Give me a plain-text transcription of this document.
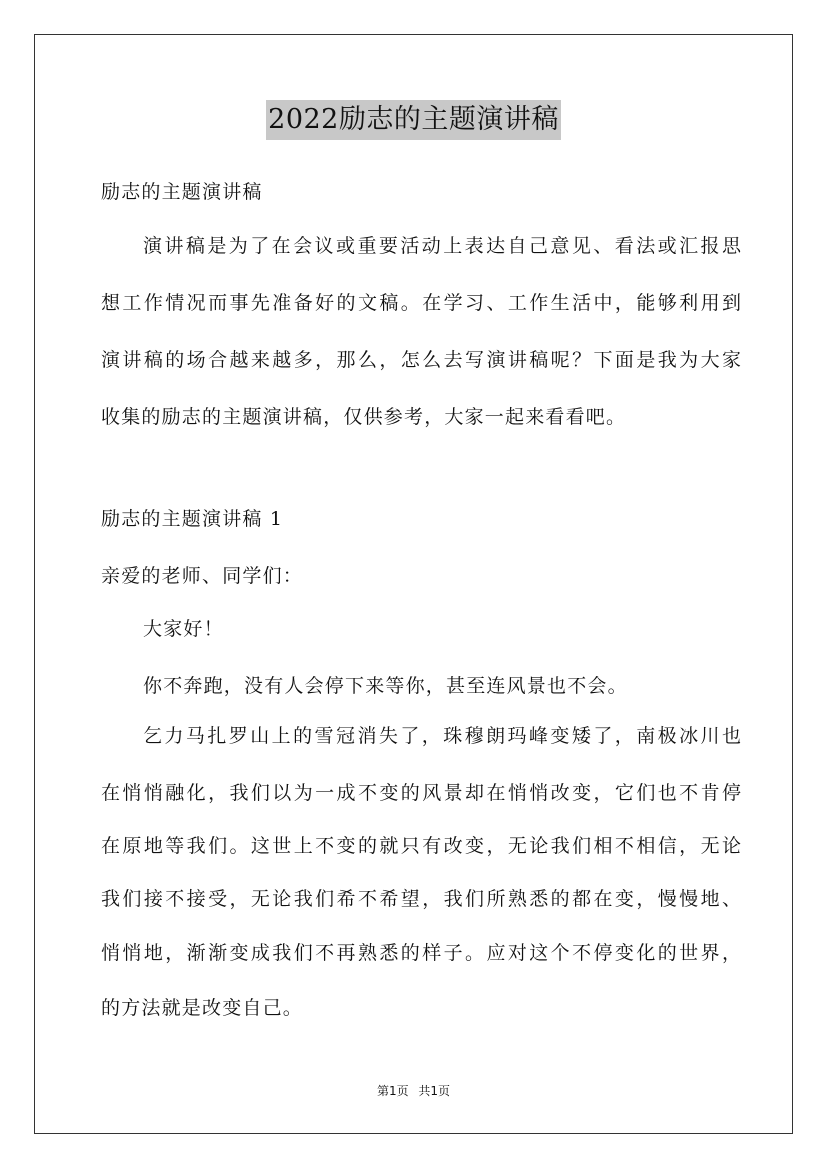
2022励志的主题演讲稿
励志的主题演讲稿
演讲稿是为了在会议或重要活动上表达自己意见、看法或汇报思
想工作情况而事先准备好的文稿。在学习、工作生活中，能够利用到
演讲稿的场合越来越多，那么，怎么去写演讲稿呢？下面是我为大家
收集的励志的主题演讲稿，仅供参考，大家一起来看看吧。
励志的主题演讲稿 1
亲爱的老师、同学们：
大家好！
你不奔跑，没有人会停下来等你，甚至连风景也不会。
乞力马扎罗山上的雪冠消失了，珠穆朗玛峰变矮了，南极冰川也
在悄悄融化，我们以为一成不变的风景却在悄悄改变，它们也不肯停
在原地等我们。这世上不变的就只有改变，无论我们相不相信，无论
我们接不接受，无论我们希不希望，我们所熟悉的都在变，慢慢地、
悄悄地，渐渐变成我们不再熟悉的样子。应对这个不停变化的世界，
的方法就是改变自己。
第1页 共1页
